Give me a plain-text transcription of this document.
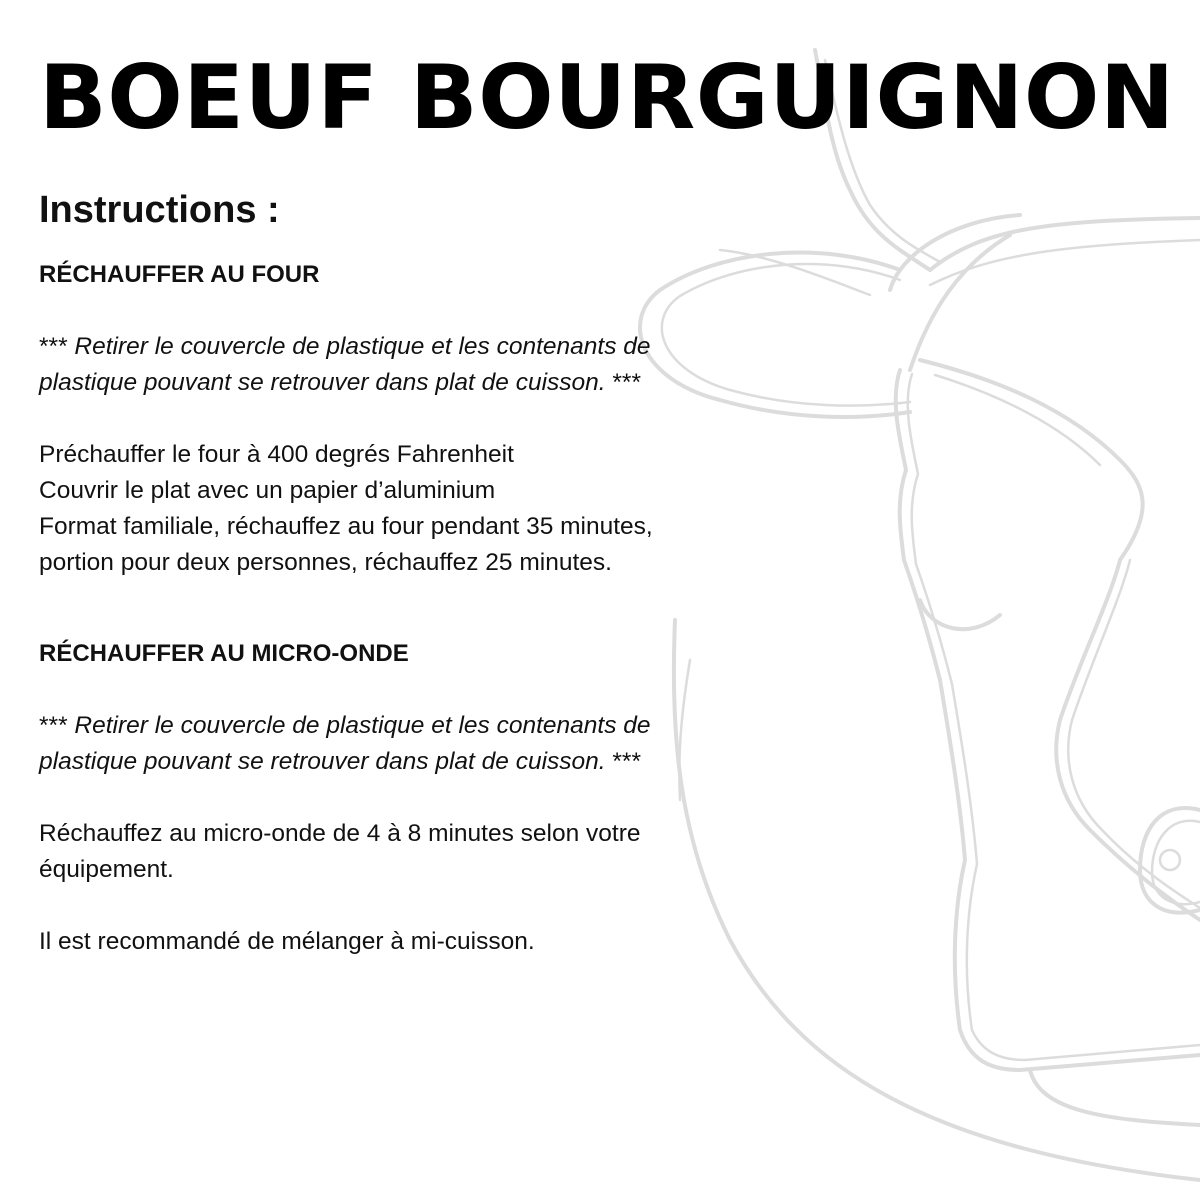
BOEUF BOURGUIGNON
Instructions :
RÉCHAUFFER AU FOUR

*** Retirer le couvercle de plastique et les contenants de
plastique pouvant se retrouver dans plat de cuisson. ***

Préchauffer le four à 400 degrés Fahrenheit
Couvrir le plat avec un papier d’aluminium
Format familiale, réchauffez au four pendant 35 minutes,
portion pour deux personnes, réchauffez 25 minutes.

RÉCHAUFFER AU MICRO-ONDE

*** Retirer le couvercle de plastique et les contenants de
plastique pouvant se retrouver dans plat de cuisson. ***

Réchauffez au micro-onde de 4 à 8 minutes selon votre
équipement.

Il est recommandé de mélanger à mi-cuisson.
